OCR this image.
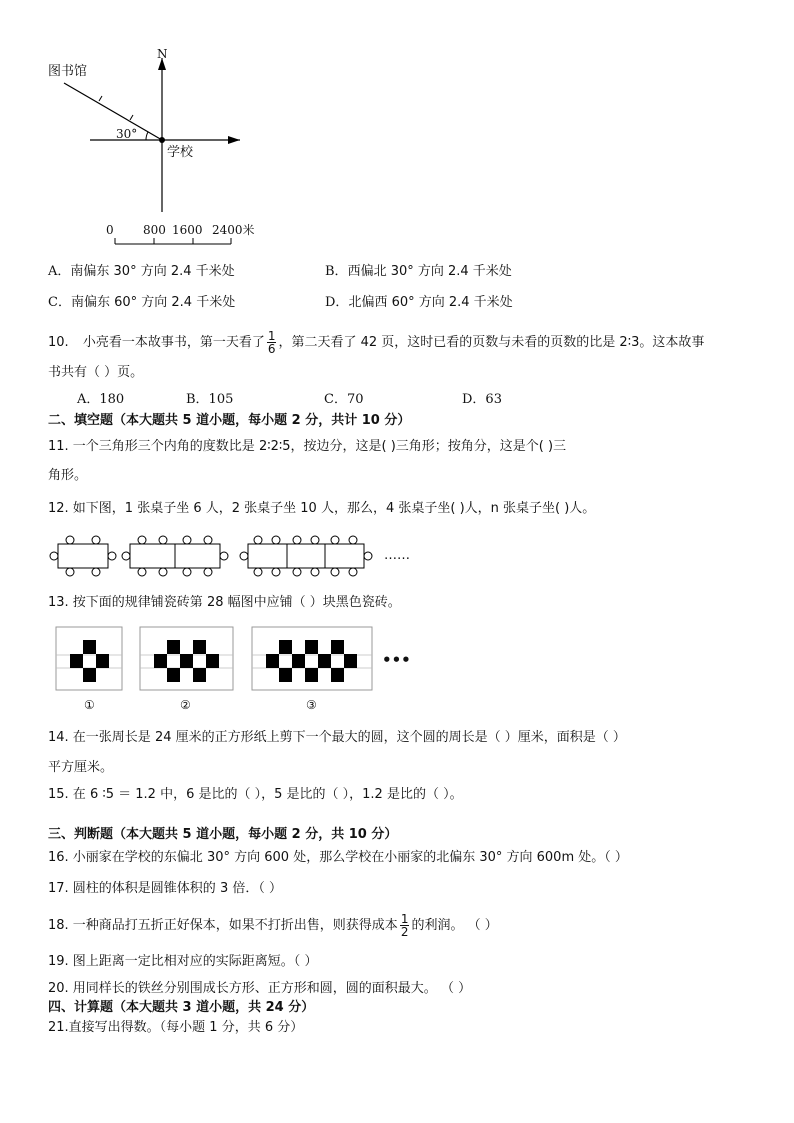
N
图书馆
学校
30°
0 800 1600 2400米
A．南偏东 30° 方向 2.4 千米处	B．西偏北 30° 方向 2.4 千米处
C．南偏东 60° 方向 2.4 千米处	D．北偏西 60° 方向 2.4 千米处
10. 小亮看一本故事书，第一天看了 $\frac{1}{6}$ ，第二天看了 42 页，这时已看的页数与未看的页数的比是 2∶3。这本故事
书共有（ ）页。
A．180	B．105	C．70	D．63
二、填空题（本大题共 5 道小题，每小题 2 分，共计 10 分）
11. 一个三角形三个内角的度数比是 2∶2∶5，按边分，这是( )三角形；按角分，这是个( )三
角形。
12. 如下图，1 张桌子坐 6 人，2 张桌子坐 10 人，那么，4 张桌子坐( )人，n 张桌子坐( )人。
……
13. 按下面的规律铺瓷砖第 28 幅图中应铺（ ）块黑色瓷砖。
•••
①	②	③
14. 在一张周长是 24 厘米的正方形纸上剪下一个最大的圆，这个圆的周长是（ ）厘米，面积是（ ）
平方厘米。
15. 在 6 ∶5 ＝ 1.2 中，6 是比的（ ），5 是比的（ ），1.2 是比的（ ）。
三、判断题（本大题共 5 道小题，每小题 2 分，共 10 分）
16. 小丽家在学校的东偏北 30° 方向 600 处，那么学校在小丽家的北偏东 30° 方向 600m 处。（ ）
17. 圆柱的体积是圆锥体积的 3 倍．（ ）
18. 一种商品打五折正好保本，如果不打折出售，则获得成本 $\frac{1}{2}$ 的利润。 （ ）
19. 图上距离一定比相对应的实际距离短。（ ）
20. 用同样长的铁丝分别围成长方形、正方形和圆，圆的面积最大。 （ ）
四、计算题（本大题共 3 道小题，共 24 分）
21.直接写出得数。（每小题 1 分，共 6 分）
